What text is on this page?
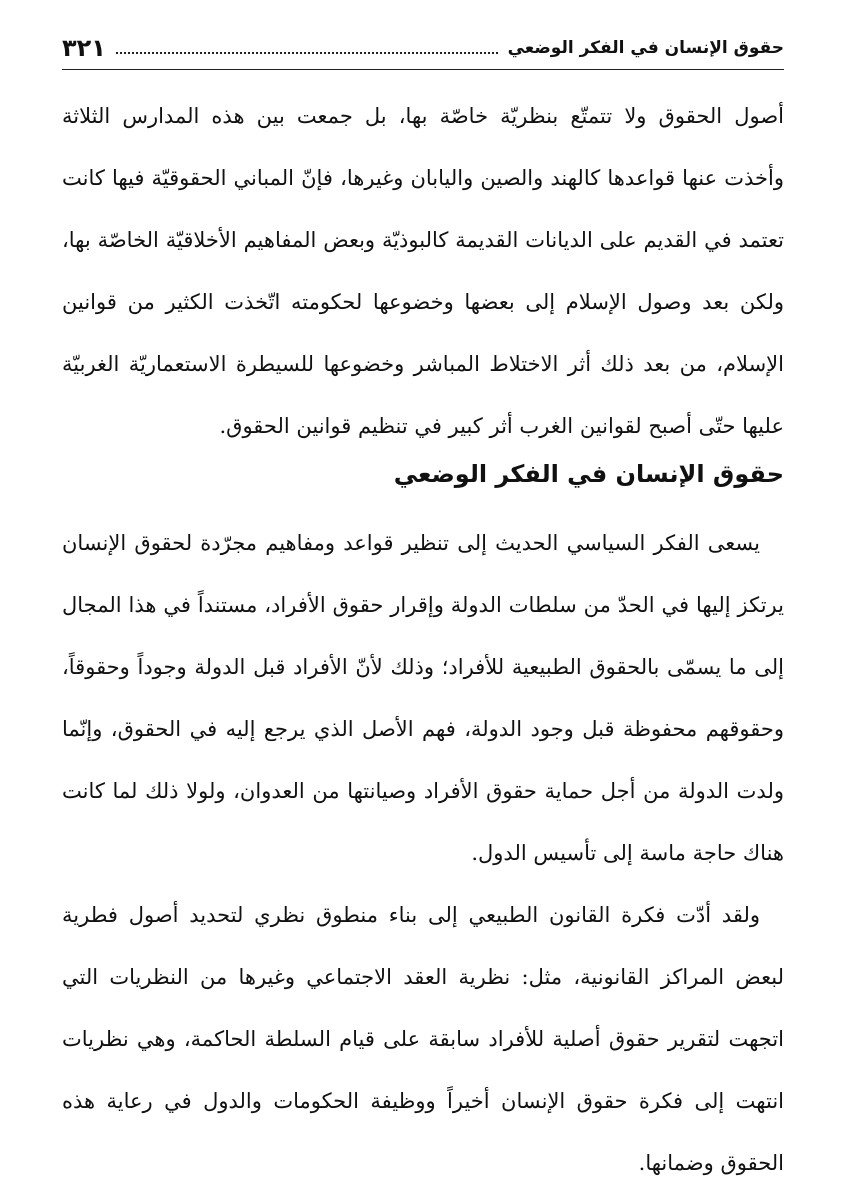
حقوق الإنسان في الفكر الوضعي
٣٢١

أصول الحقوق ولا تتمتّع بنظريّة خاصّة بها، بل جمعت بين هذه المدارس الثلاثة وأخذت عنها قواعدها كالهند والصين واليابان وغيرها، فإنّ المباني الحقوقيّة فيها كانت تعتمد في القديم على الديانات القديمة كالبوذيّة وبعض المفاهيم الأخلاقيّة الخاصّة بها، ولكن بعد وصول الإسلام إلى بعضها وخضوعها لحكومته اتّخذت الكثير من قوانين الإسلام، من بعد ذلك أثر الاختلاط المباشر وخضوعها للسيطرة الاستعماريّة الغربيّة عليها حتّى أصبح لقوانين الغرب أثر كبير في تنظيم قوانين الحقوق.

حقوق الإنسان في الفكر الوضعي

يسعى الفكر السياسي الحديث إلى تنظير قواعد ومفاهيم مجرّدة لحقوق الإنسان يرتكز إليها في الحدّ من سلطات الدولة وإقرار حقوق الأفراد، مستنداً في هذا المجال إلى ما يسمّى بالحقوق الطبيعية للأفراد؛ وذلك لأنّ الأفراد قبل الدولة وجوداً وحقوقاً، وحقوقهم محفوظة قبل وجود الدولة، فهم الأصل الذي يرجع إليه في الحقوق، وإنّما ولدت الدولة من أجل حماية حقوق الأفراد وصيانتها من العدوان، ولولا ذلك لما كانت هناك حاجة ماسة إلى تأسيس الدول.

ولقد أدّت فكرة القانون الطبيعي إلى بناء منطوق نظري لتحديد أصول فطرية لبعض المراكز القانونية، مثل: نظرية العقد الاجتماعي وغيرها من النظريات التي اتجهت لتقرير حقوق أصلية للأفراد سابقة على قيام السلطة الحاكمة، وهي نظريات انتهت إلى فكرة حقوق الإنسان أخيراً ووظيفة الحكومات والدول في رعاية هذه الحقوق وضمانها.
